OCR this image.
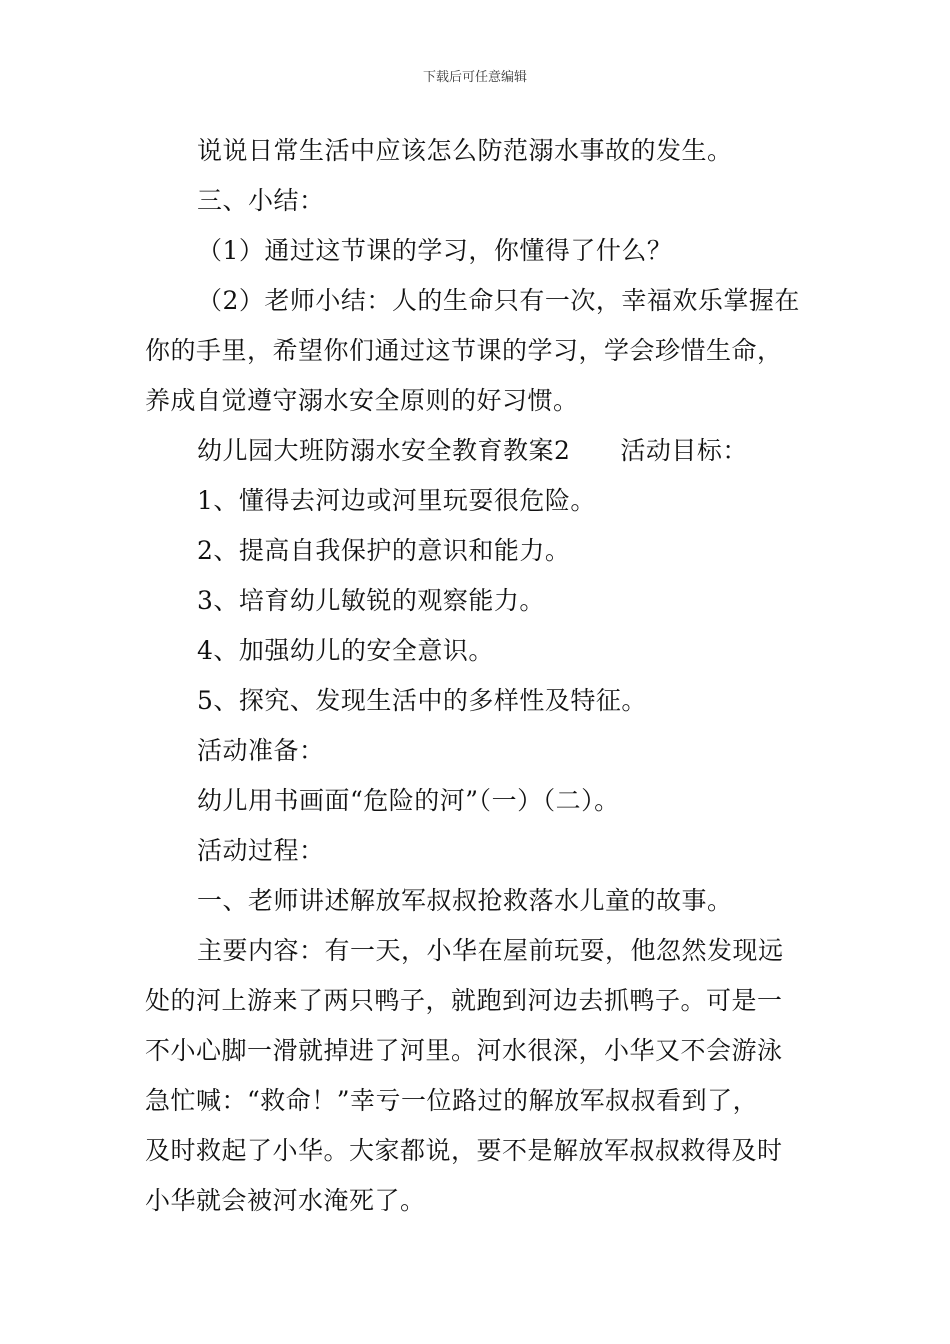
下载后可任意编辑
说说日常生活中应该怎么防范溺水事故的发生。
三、小结：
（1）通过这节课的学习，你懂得了什么？
（2）老师小结：人的生命只有一次，幸福欢乐掌握在
你的手里，希望你们通过这节课的学习，学会珍惜生命，
养成自觉遵守溺水安全原则的好习惯。
幼儿园大班防溺水安全教育教案2 活动目标：
1、懂得去河边或河里玩耍很危险。
2、提高自我保护的意识和能力。
3、培育幼儿敏锐的观察能力。
4、加强幼儿的安全意识。
5、探究、发现生活中的多样性及特征。
活动准备：
幼儿用书画面“危险的河”（一）（二）。
活动过程：
一、老师讲述解放军叔叔抢救落水儿童的故事。
主要内容：有一天，小华在屋前玩耍，他忽然发现远
处的河上游来了两只鸭子，就跑到河边去抓鸭子。可是一
不小心脚一滑就掉进了河里。河水很深，小华又不会游泳
急忙喊：“救命！”幸亏一位路过的解放军叔叔看到了，
及时救起了小华。大家都说，要不是解放军叔叔救得及时
小华就会被河水淹死了。
